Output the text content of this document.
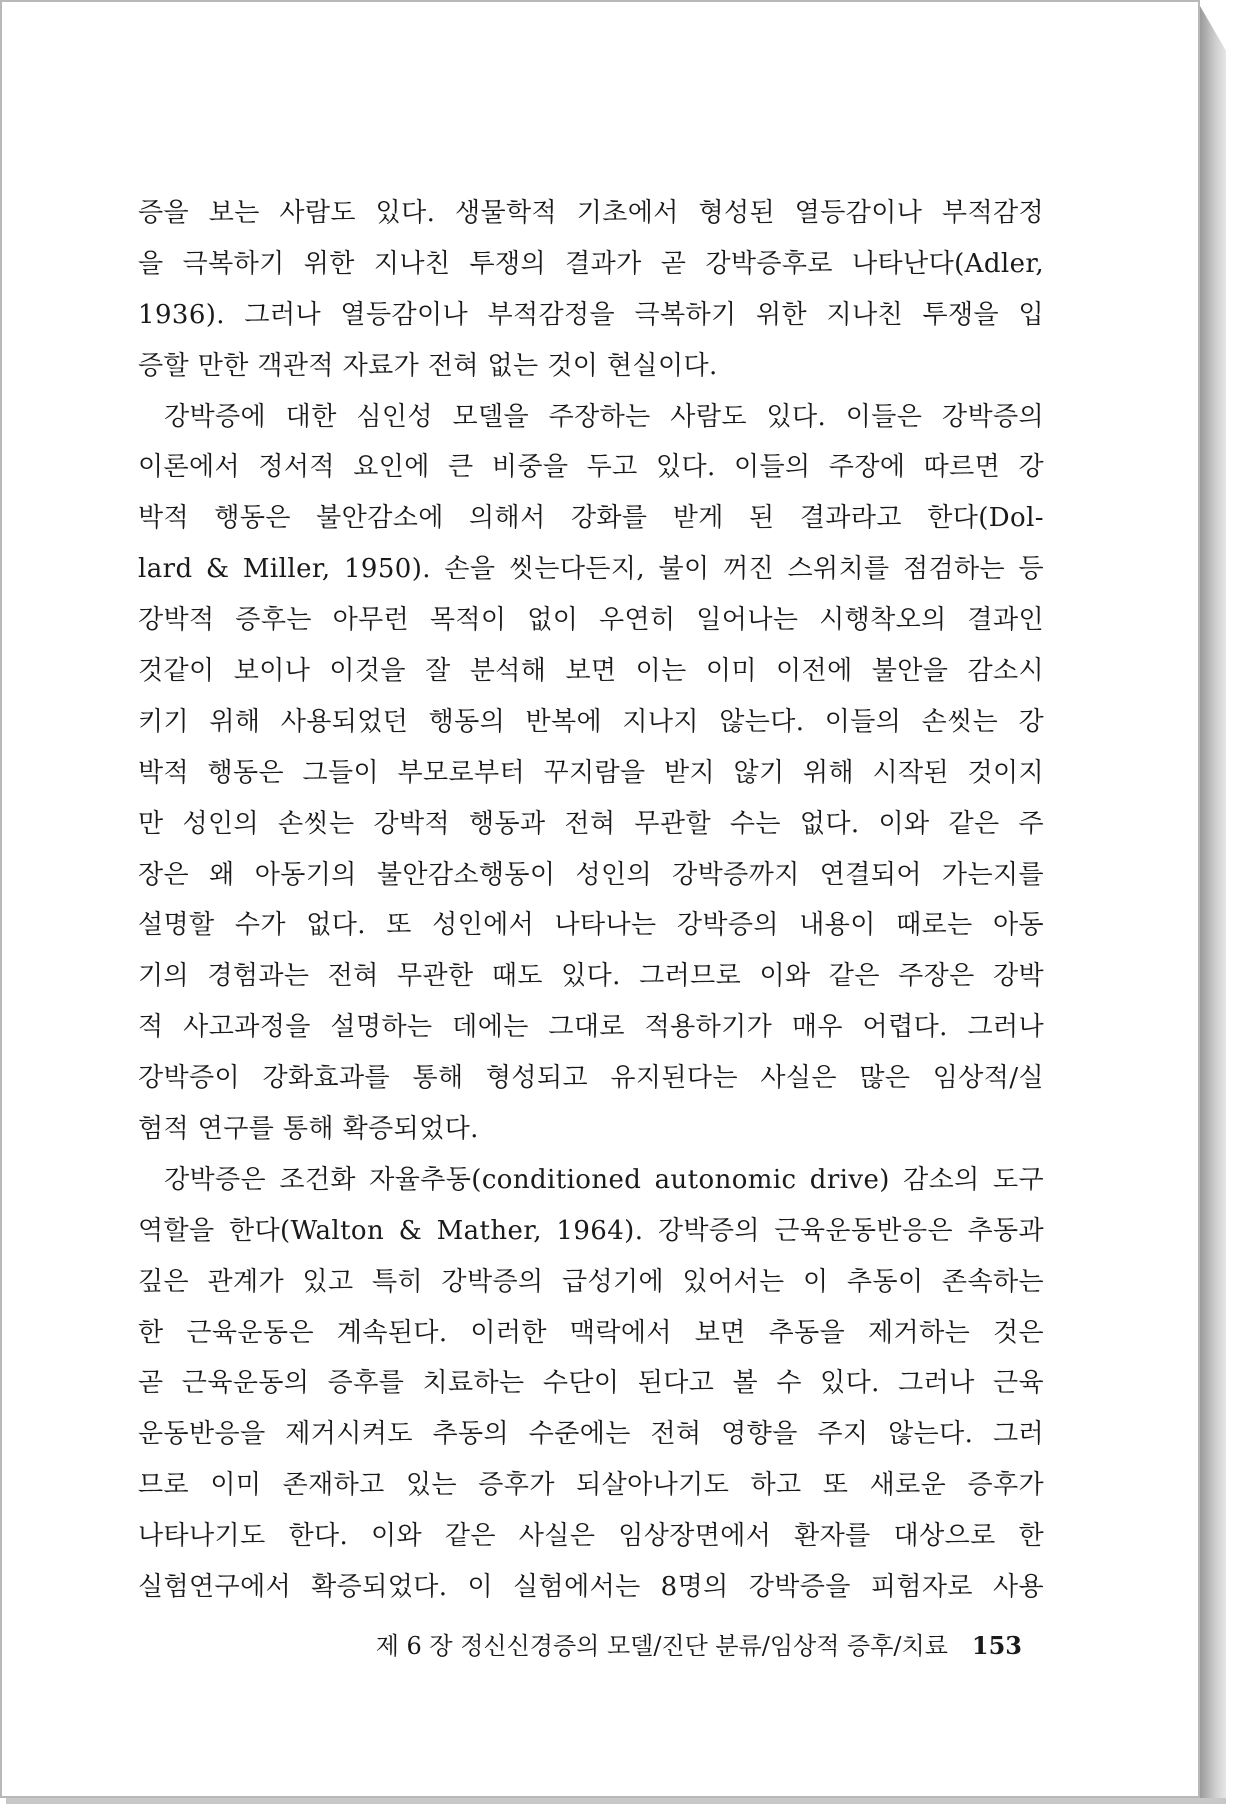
증을 보는 사람도 있다. 생물학적 기초에서 형성된 열등감이나 부적감정
을 극복하기 위한 지나친 투쟁의 결과가 곧 강박증후로 나타난다(Adler,
1936). 그러나 열등감이나 부적감정을 극복하기 위한 지나친 투쟁을 입
증할 만한 객관적 자료가 전혀 없는 것이 현실이다.
강박증에 대한 심인성 모델을 주장하는 사람도 있다. 이들은 강박증의
이론에서 정서적 요인에 큰 비중을 두고 있다. 이들의 주장에 따르면 강
박적 행동은 불안감소에 의해서 강화를 받게 된 결과라고 한다(Dol-
lard & Miller, 1950). 손을 씻는다든지, 불이 꺼진 스위치를 점검하는 등
강박적 증후는 아무런 목적이 없이 우연히 일어나는 시행착오의 결과인
것같이 보이나 이것을 잘 분석해 보면 이는 이미 이전에 불안을 감소시
키기 위해 사용되었던 행동의 반복에 지나지 않는다. 이들의 손씻는 강
박적 행동은 그들이 부모로부터 꾸지람을 받지 않기 위해 시작된 것이지
만 성인의 손씻는 강박적 행동과 전혀 무관할 수는 없다. 이와 같은 주
장은 왜 아동기의 불안감소행동이 성인의 강박증까지 연결되어 가는지를
설명할 수가 없다. 또 성인에서 나타나는 강박증의 내용이 때로는 아동
기의 경험과는 전혀 무관한 때도 있다. 그러므로 이와 같은 주장은 강박
적 사고과정을 설명하는 데에는 그대로 적용하기가 매우 어렵다. 그러나
강박증이 강화효과를 통해 형성되고 유지된다는 사실은 많은 임상적/실
험적 연구를 통해 확증되었다.
강박증은 조건화 자율추동(conditioned autonomic drive) 감소의 도구
역할을 한다(Walton & Mather, 1964). 강박증의 근육운동반응은 추동과
깊은 관계가 있고 특히 강박증의 급성기에 있어서는 이 추동이 존속하는
한 근육운동은 계속된다. 이러한 맥락에서 보면 추동을 제거하는 것은
곧 근육운동의 증후를 치료하는 수단이 된다고 볼 수 있다. 그러나 근육
운동반응을 제거시켜도 추동의 수준에는 전혀 영향을 주지 않는다. 그러
므로 이미 존재하고 있는 증후가 되살아나기도 하고 또 새로운 증후가
나타나기도 한다. 이와 같은 사실은 임상장면에서 환자를 대상으로 한
실험연구에서 확증되었다. 이 실험에서는 8명의 강박증을 피험자로 사용
제 6 장 정신신경증의 모델/진단 분류/임상적 증후/치료 153
